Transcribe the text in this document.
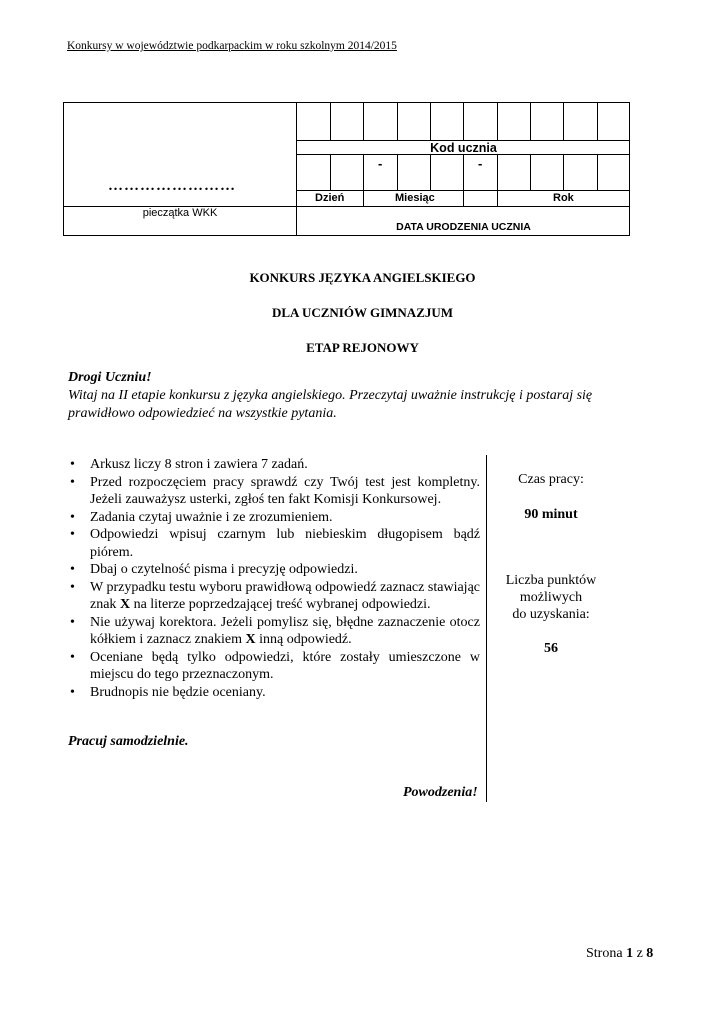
Konkursy w województwie podkarpackim w roku szkolnym 2014/2015
……………………
pieczątka WKK
Kod ucznia
-	-
Dzień	Miesiąc	Rok
DATA URODZENIA UCZNIA
KONKURS JĘZYKA ANGIELSKIEGO
DLA UCZNIÓW GIMNAZJUM
ETAP REJONOWY
Drogi Uczniu!
Witaj na II etapie konkursu z języka angielskiego. Przeczytaj uważnie instrukcję i postaraj się prawidłowo odpowiedzieć na wszystkie pytania.
• Arkusz liczy 8 stron i zawiera 7 zadań.
• Przed rozpoczęciem pracy sprawdź czy Twój test jest kompletny. Jeżeli zauważysz usterki, zgłoś ten fakt Komisji Konkursowej.
• Zadania czytaj uważnie i ze zrozumieniem.
• Odpowiedzi wpisuj czarnym lub niebieskim długopisem bądź piórem.
• Dbaj o czytelność pisma i precyzję odpowiedzi.
• W przypadku testu wyboru prawidłową odpowiedź zaznacz stawiając znak X na literze poprzedzającej treść wybranej odpowiedzi.
• Nie używaj korektora. Jeżeli pomylisz się, błędne zaznaczenie otocz kółkiem i zaznacz znakiem X inną odpowiedź.
• Oceniane będą tylko odpowiedzi, które zostały umieszczone w miejscu do tego przeznaczonym.
• Brudnopis nie będzie oceniany.
Pracuj samodzielnie.
Powodzenia!
Czas pracy:
90 minut
Liczba punktów
możliwych
do uzyskania:
56
Strona 1 z 8
